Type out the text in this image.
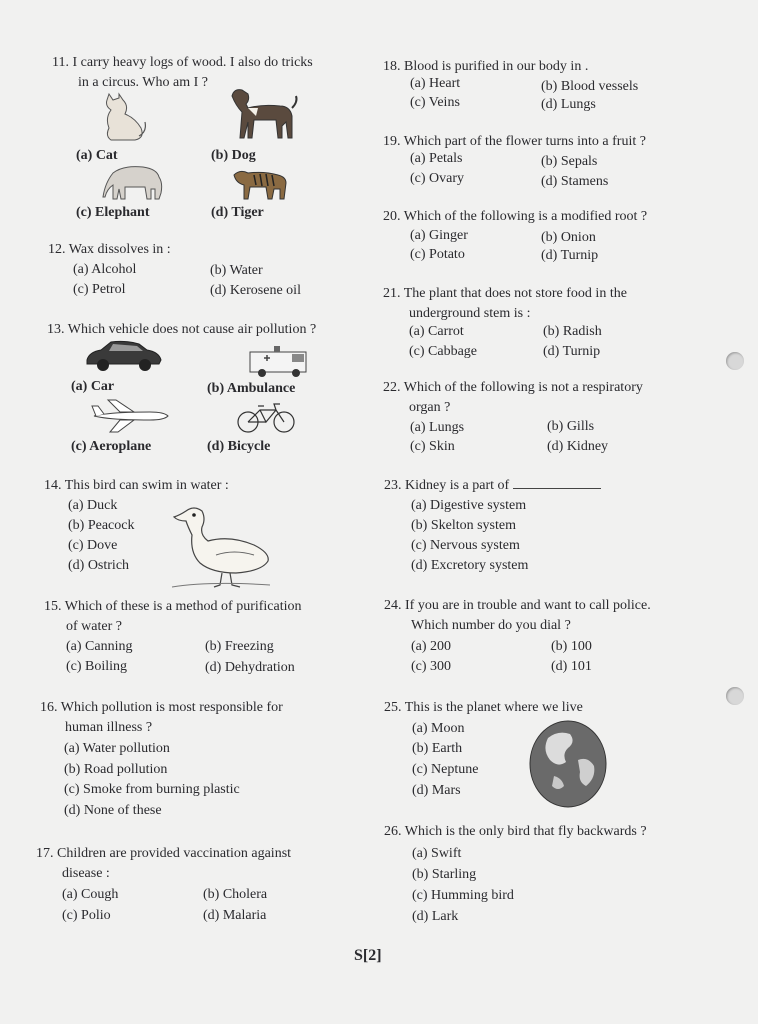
11. I carry heavy logs of wood. I also do tricks
in a circus. Who am I ?
(a) Cat	(b) Dog
(c) Elephant	(d) Tiger
12. Wax dissolves in :
(a) Alcohol	(b) Water
(c) Petrol	(d) Kerosene oil
13. Which vehicle does not cause air pollution ?
(a) Car	(b) Ambulance
(c) Aeroplane	(d) Bicycle
14. This bird can swim in water :
(a) Duck
(b) Peacock
(c) Dove
(d) Ostrich
15. Which of these is a method of purification
of water ?
(a) Canning	(b) Freezing
(c) Boiling	(d) Dehydration
16. Which pollution is most responsible for
human illness ?
(a) Water pollution
(b) Road pollution
(c) Smoke from burning plastic
(d) None of these
17. Children are provided vaccination against
disease :
(a) Cough	(b) Cholera
(c) Polio	(d) Malaria
18. Blood is purified in our body in .
(a) Heart	(b) Blood vessels
(c) Veins	(d) Lungs
19. Which part of the flower turns into a fruit ?
(a) Petals	(b) Sepals
(c) Ovary	(d) Stamens
20. Which of the following is a modified root ?
(a) Ginger	(b) Onion
(c) Potato	(d) Turnip
21. The plant that does not store food in the
underground stem is :
(a) Carrot	(b) Radish
(c) Cabbage	(d) Turnip
22. Which of the following is not a respiratory
organ ?
(a) Lungs	(b) Gills
(c) Skin	(d) Kidney
23. Kidney is a part of
(a) Digestive system
(b) Skelton system
(c) Nervous system
(d) Excretory system
24. If you are in trouble and want to call police.
Which number do you dial ?
(a) 200	(b) 100
(c) 300	(d) 101
25. This is the planet where we live
(a) Moon
(b) Earth
(c) Neptune
(d) Mars
26. Which is the only bird that fly backwards ?
(a) Swift
(b) Starling
(c) Humming bird
(d) Lark
S[2]
